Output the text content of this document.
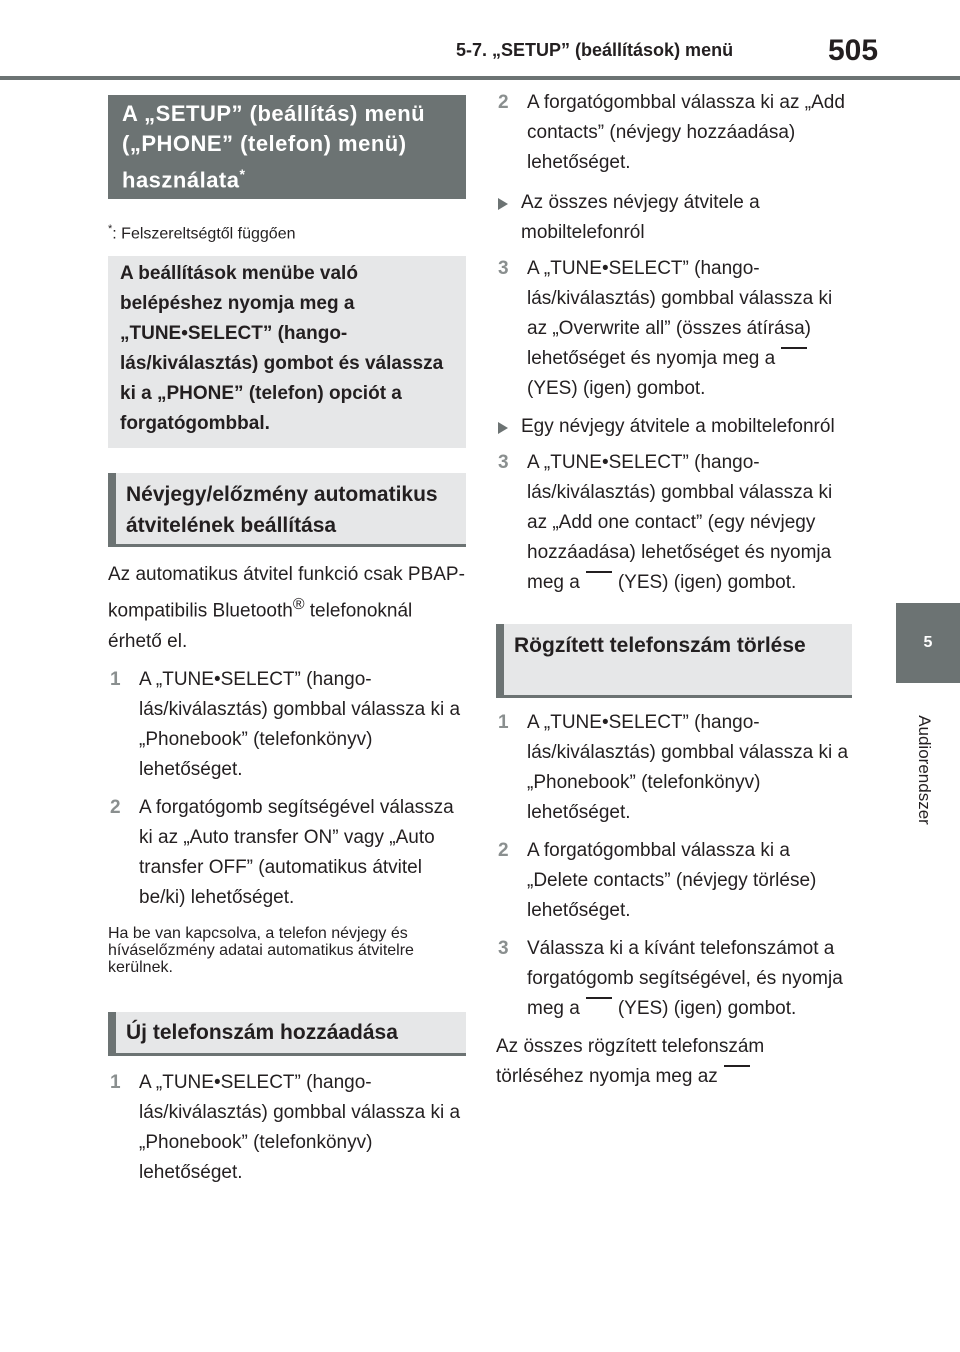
5-7. „SETUP” (beállítások) menü	505
5
Audiorendszer
A „SETUP” (beállítás) menü („PHONE” (telefon) menü) használata*
*: Felszereltségtől függően
A beállítások menübe való belépéshez nyomja meg a „TUNE•SELECT” (hangolás/kiválasztás) gombot és válassza ki a „PHONE” (telefon) opciót a forgatógombbal.
Névjegy/előzmény automatikus átvitelének beállítása
Az automatikus átvitel funkció csak PBAP-kompatibilis Bluetooth® telefonoknál érhető el.
1 A „TUNE•SELECT” (hangolás/kiválasztás) gombbal válassza ki a „Phonebook” (telefonkönyv) lehetőséget.
2 A forgatógomb segítségével válassza ki az „Auto transfer ON” vagy „Auto transfer OFF” (automatikus átvitel be/ki) lehetőséget.
Ha be van kapcsolva, a telefon névjegy és híváselőzmény adatai automatikus átvitelre kerülnek.
Új telefonszám hozzáadása
1 A „TUNE•SELECT” (hangolás/kiválasztás) gombbal válassza ki a „Phonebook” (telefonkönyv) lehetőséget.
2 A forgatógombbal válassza ki az „Add contacts” (névjegy hozzáadása) lehetőséget.
Az összes névjegy átvitele a mobiltelefonról
3 A „TUNE•SELECT” (hangolás/kiválasztás) gombbal válassza ki az „Overwrite all” (összes átírása) lehetőséget és nyomja meg a(YES) (igen) gombot.
Egy névjegy átvitele a mobiltelefonról
3 A „TUNE•SELECT” (hangolás/kiválasztás) gombbal válassza ki az „Add one contact” (egy névjegy hozzáadása) lehetőséget és nyomja meg a (YES) (igen) gombot.
Rögzített telefonszám törlése
1 A „TUNE•SELECT” (hangolás/kiválasztás) gombbal válassza ki a „Phonebook” (telefonkönyv) lehetőséget.
2 A forgatógombbal válassza ki a „Delete contacts” (névjegy törlése) lehetőséget.
3 Válassza ki a kívánt telefonszámot a forgatógomb segítségével, és nyomja meg a (YES) (igen) gombot.
Az összes rögzített telefonszám törléséhez nyomja meg az
